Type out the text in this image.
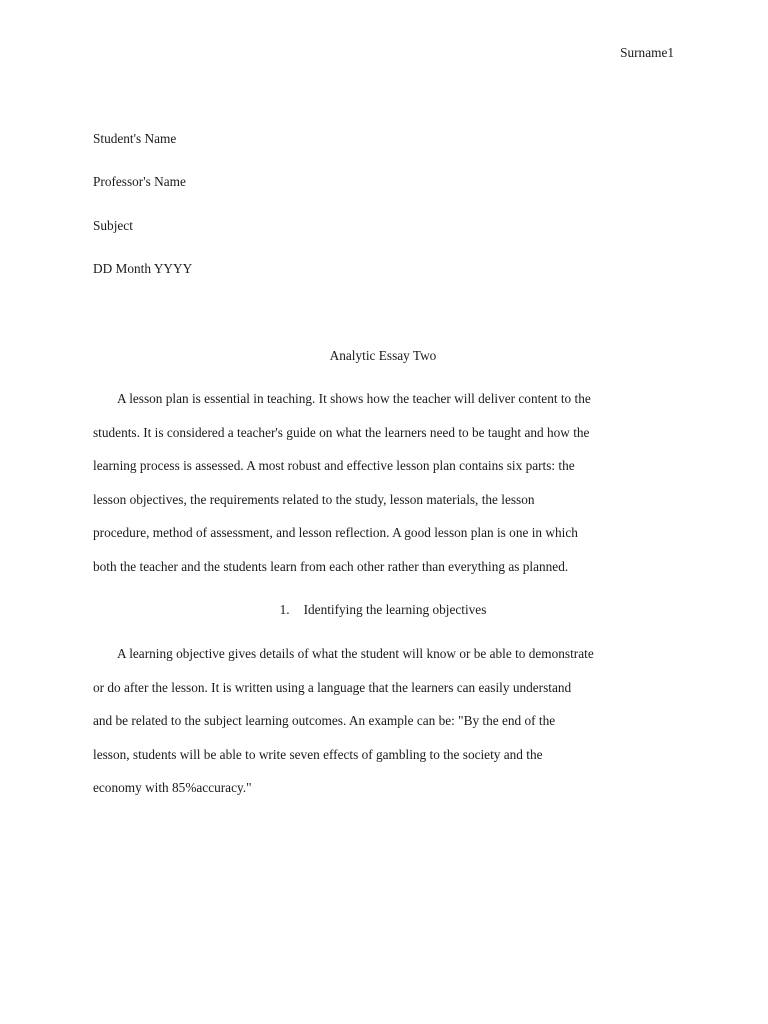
Surname1
Student's Name
Professor's Name
Subject
DD Month YYYY
Analytic Essay Two
A lesson plan is essential in teaching. It shows how the teacher will deliver content to the
students. It is considered a teacher's guide on what the learners need to be taught and how the
learning process is assessed. A most robust and effective lesson plan contains six parts: the
lesson objectives, the requirements related to the study, lesson materials, the lesson
procedure, method of assessment, and lesson reflection. A good lesson plan is one in which
both the teacher and the students learn from each other rather than everything as planned.
1. Identifying the learning objectives
A learning objective gives details of what the student will know or be able to demonstrate
or do after the lesson. It is written using a language that the learners can easily understand
and be related to the subject learning outcomes. An example can be: "By the end of the
lesson, students will be able to write seven effects of gambling to the society and the
economy with 85%accuracy."
